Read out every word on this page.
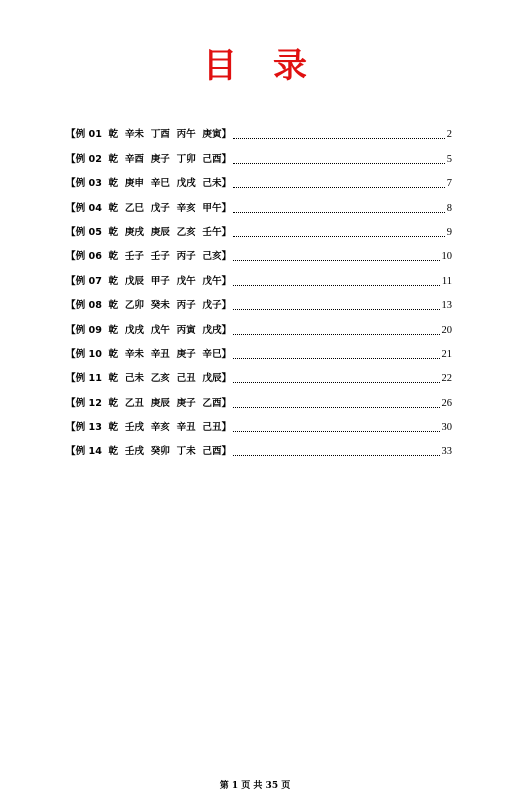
目录
【例 01  乾  辛未  丁酉  丙午  庚寅】	2
【例 02  乾  辛酉  庚子  丁卯  己酉】	5
【例 03  乾  庚申  辛巳  戊戌  己未】	7
【例 04  乾  乙巳  戊子  辛亥  甲午】	8
【例 05  乾  庚戌  庚辰  乙亥  壬午】	9
【例 06  乾  壬子  壬子  丙子  己亥】	10
【例 07  乾  戊辰  甲子  戊午  戊午】	11
【例 08  乾  乙卯  癸未  丙子  戊子】	13
【例 09  乾  戊戌  戊午  丙寅  戊戌】	20
【例 10  乾  辛未  辛丑  庚子  辛巳】	21
【例 11  乾  己未  乙亥  己丑  戊辰】	22
【例 12  乾  乙丑  庚辰  庚子  乙酉】	26
【例 13  乾  壬戌  辛亥  辛丑  己丑】	30
【例 14  乾  壬戌  癸卯  丁未  己酉】	33
第 1 页 共 35 页
